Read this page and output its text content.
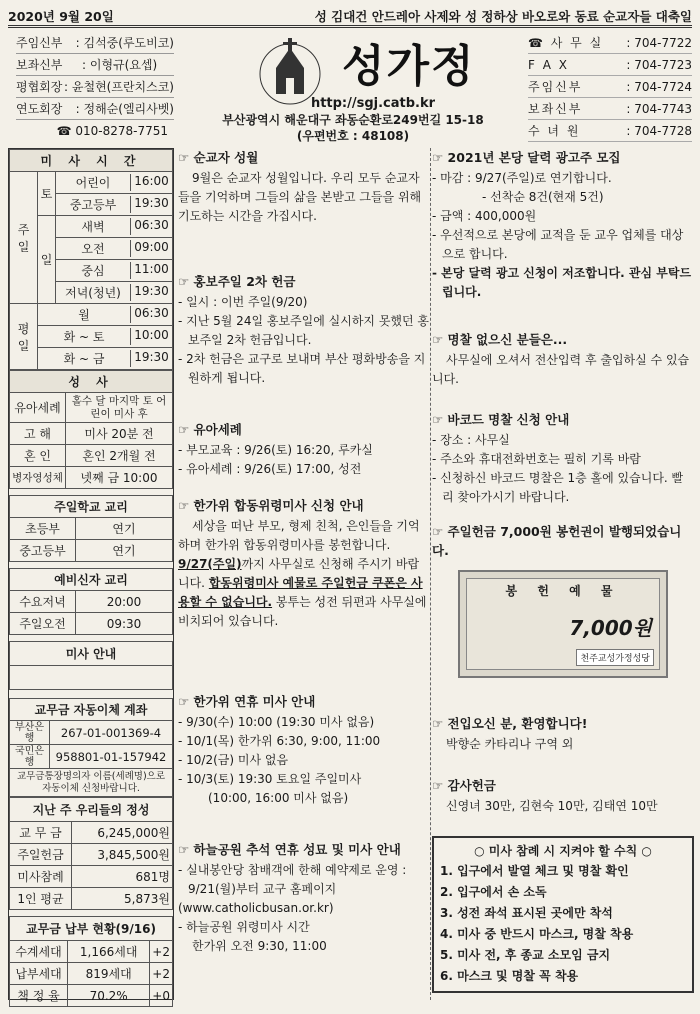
2020년 9월 20일	성 김대건 안드레아 사제와 성 정하상 바오로와 동료 순교자들 대축일
주임신부	: 김석중(루도비코)
보좌신부	: 이형규(요셉)
평협회장 : 윤철현(프란치스코)
연도회장	: 정해순(엘리사벳)
☎ 010-8278-7751
성가정
http://sgj.catb.kr
부산광역시 해운대구 좌동순환로249번길 15-18
(우편번호 : 48108)
☎ 사 무 실 : 704-7722
F A X	: 704-7723
주임신부	: 704-7724
보좌신부	: 704-7743
수 녀 원	: 704-7728
미 사 시 간		
주일	토	어린이 16:00

		중고등부 19:30

	일	새벽 06:30

		오전 09:00

		중심 11:00

		저녁(청년) 19:30

평일	월 06:30	

	화 ~ 토 10:00	

	화 ~ 금 19:30	
성 사	
유아세례	홀수 달 마지막 토 어린이 미사 후
고 해	미사 20분 전
혼 인	혼인 2개월 전
병자영성체	넷째 금 10:00
주일학교 교리	
초등부	연기
중고등부	연기
예비신자 교리	
수요저녁	20:00
주일오전	09:30
미사 안내

교무금 자동이체 계좌	
부산은행	267-01-001369-4
국민은행	958801-01-157942
교무금통장명의자 이름(세례명)으로 자동이체 신청바랍니다.	
지난 주 우리들의 정성	
교 무 금	6,245,000원
주일헌금	3,845,500원
미사참례	681명
1인 평균	5,873원
교무금 납부 현황(9/16)		
수계세대	1,166세대	+2
납부세대	819세대	+2
책 정 율	70.2%	+0
☞ 순교자 성월

9월은 순교자 성월입니다. 우리 모두 순교자들을 기억하며 그들의 삶을 본받고 그들을 위해 기도하는 시간을 가집시다.

☞ 홍보주일 2차 헌금
- 일시 : 이번 주일(9/20)
- 지난 5월 24일 홍보주일에 실시하지 못했던 홍보주일 2차 헌금입니다.
- 2차 헌금은 교구로 보내며 부산 평화방송을 지원하게 됩니다.
☞ 유아세례
- 부모교육 : 9/26(토) 16:20, 루카실
- 유아세례 : 9/26(토) 17:00, 성전
☞ 한가위 합동위령미사 신청 안내

세상을 떠난 부모, 형제 친척, 은인들을 기억하며 한가위 합동위령미사를 봉헌합니다. 9/27(주일)까지 사무실로 신청해 주시기 바랍니다. 합동위령미사 예물로 주일헌금 쿠폰은 사용할 수 없습니다. 봉투는 성전 뒤편과 사무실에 비치되어 있습니다.

☞ 한가위 연휴 미사 안내
- 9/30(수) 10:00 (19:30 미사 없음)
- 10/1(목) 한가위 6:30, 9:00, 11:00
- 10/2(금) 미사 없음
- 10/3(토) 19:30 토요일 주일미사
(10:00, 16:00 미사 없음)
☞ 하늘공원 추석 연휴 성묘 및 미사 안내
- 실내봉안당 참배객에 한해 예약제로 운영 : 9/21(월)부터 교구 홈페이지
(www.catholicbusan.or.kr)
- 하늘공원 위령미사 시간
한가위 오전 9:30, 11:00
☞ 2021년 본당 달력 광고주 모집
- 마감 : 9/27(주일)로 연기합니다.
- 선착순 8건(현재 5건)
- 금액 : 400,000원
- 우선적으로 본당에 교적을 둔 교우 업체를 대상으로 합니다.
- 본당 달력 광고 신청이 저조합니다. 관심 부탁드립니다.
☞ 명찰 없으신 분들은...

사무실에 오셔서 전산입력 후 출입하실 수 있습니다.

☞ 바코드 명찰 신청 안내
- 장소 : 사무실
- 주소와 휴대전화번호는 필히 기록 바람
- 신청하신 바코드 명찰은 1층 홀에 있습니다. 빨리 찾아가시기 바랍니다.
☞ 주일헌금 7,000원 봉헌권이 발행되었습니다.
봉 헌 예 물
7,000원
천주교성가정성당
☞ 전입오신 분, 환영합니다!

박향순 카타리나 구역 외

☞ 감사헌금

신영녀 30만, 김현숙 10만, 김태연 10만

○ 미사 참례 시 지켜야 할 수칙 ○
1. 입구에서 발열 체크 및 명찰 확인
2. 입구에서 손 소독
3. 성전 좌석 표시된 곳에만 착석
4. 미사 중 반드시 마스크, 명찰 착용
5. 미사 전, 후 종교 소모임 금지
6. 마스크 및 명찰 꼭 착용
